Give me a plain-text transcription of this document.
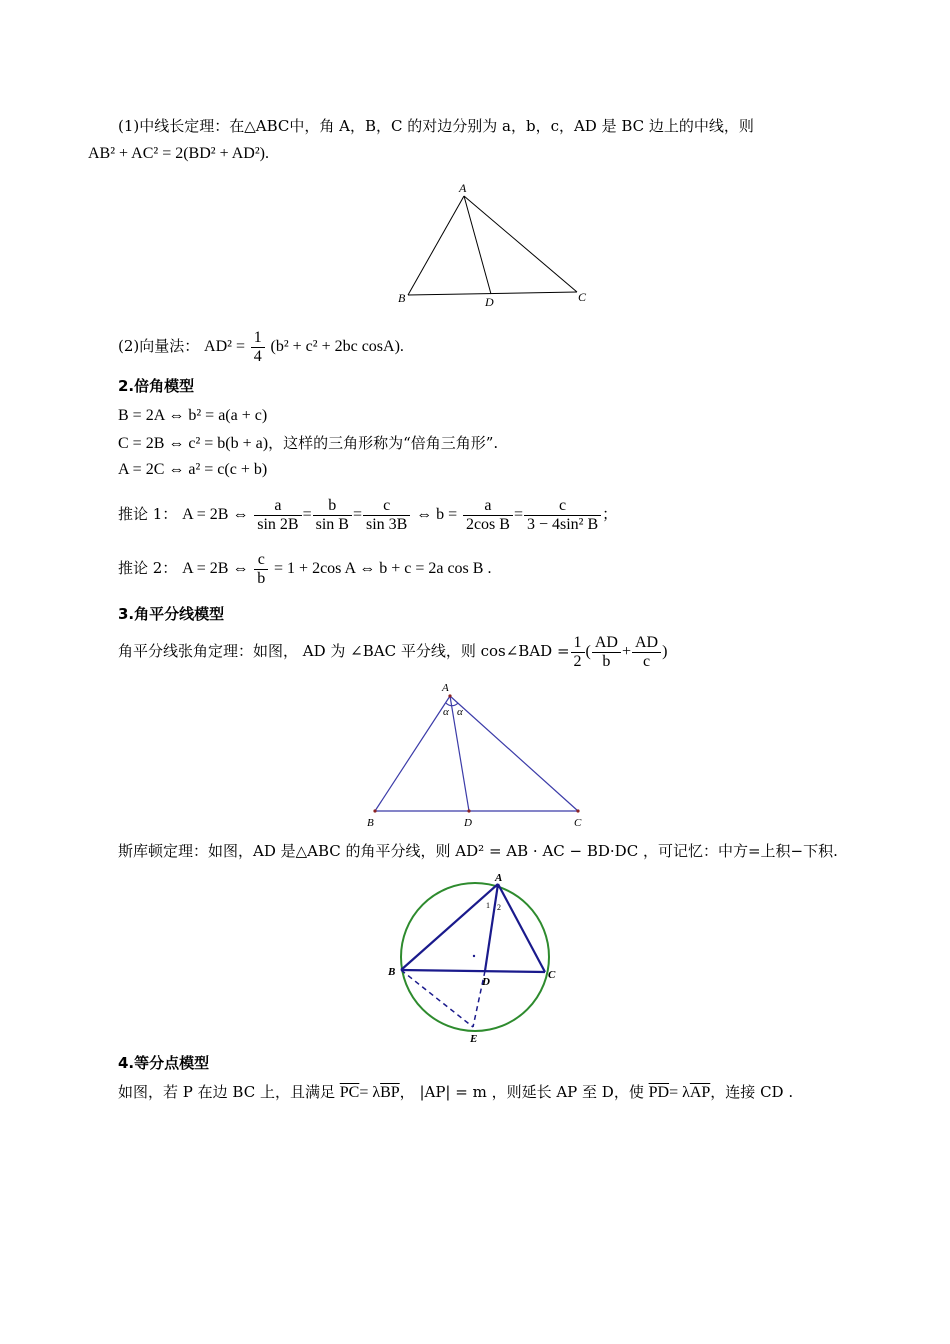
(1)中线长定理：在△ABC中，角 A，B，C 的对边分别为 a，b，c，AD 是 BC 边上的中线，则
AB² + AC² = 2(BD² + AD²).
A
B	C
D
(2)向量法： $AD^2 = \frac{1}{4} (b^2 + c^2 + 2bc$ cosA).
2.倍角模型
B = 2A ⇔ b² = a(a + c)
C = 2B ⇔ c² = b(b + a)，这样的三角形称为“倍角三角形”.
A = 2C ⇔ a² = c(c + b)
推论 1： A = 2B ⇔ $\frac{a}{\sin 2B} = \frac{b}{\text{sin B}} = \frac{c}{\sin 3B}$ ⇔ $b = \frac{a}{\text{2cos B}} = \frac{c}{\text{3 − 4sin² B}}$ ；
推论 2： A = 2B ⇔ $\frac{c}{b} = 1 + 2\cos$ A ⇔ b + c = 2a cos B .
3.角平分线模型
角平分线张角定理：如图， AD 为 ∠BAC 平分线，则 cos∠BAD = $\frac{1}{2}$ ( $\frac{AD}{b} + \frac{AD}{c}$ )
A
α α
B	D	C
斯库顿定理：如图，AD 是△ABC 的角平分线，则 AD² = AB · AC − BD·DC ，可记忆：中方=上积−下积.
A
1 2
B	C
D
E
4.等分点模型
如图，若 P 在边 BC 上，且满足 $\overline{PC}= \lambda\overline{BP}$， |AP| = m ，则延长 AP 至 D，使 $\overline{PD}= \lambda\overline{AP}$，连接 CD .
